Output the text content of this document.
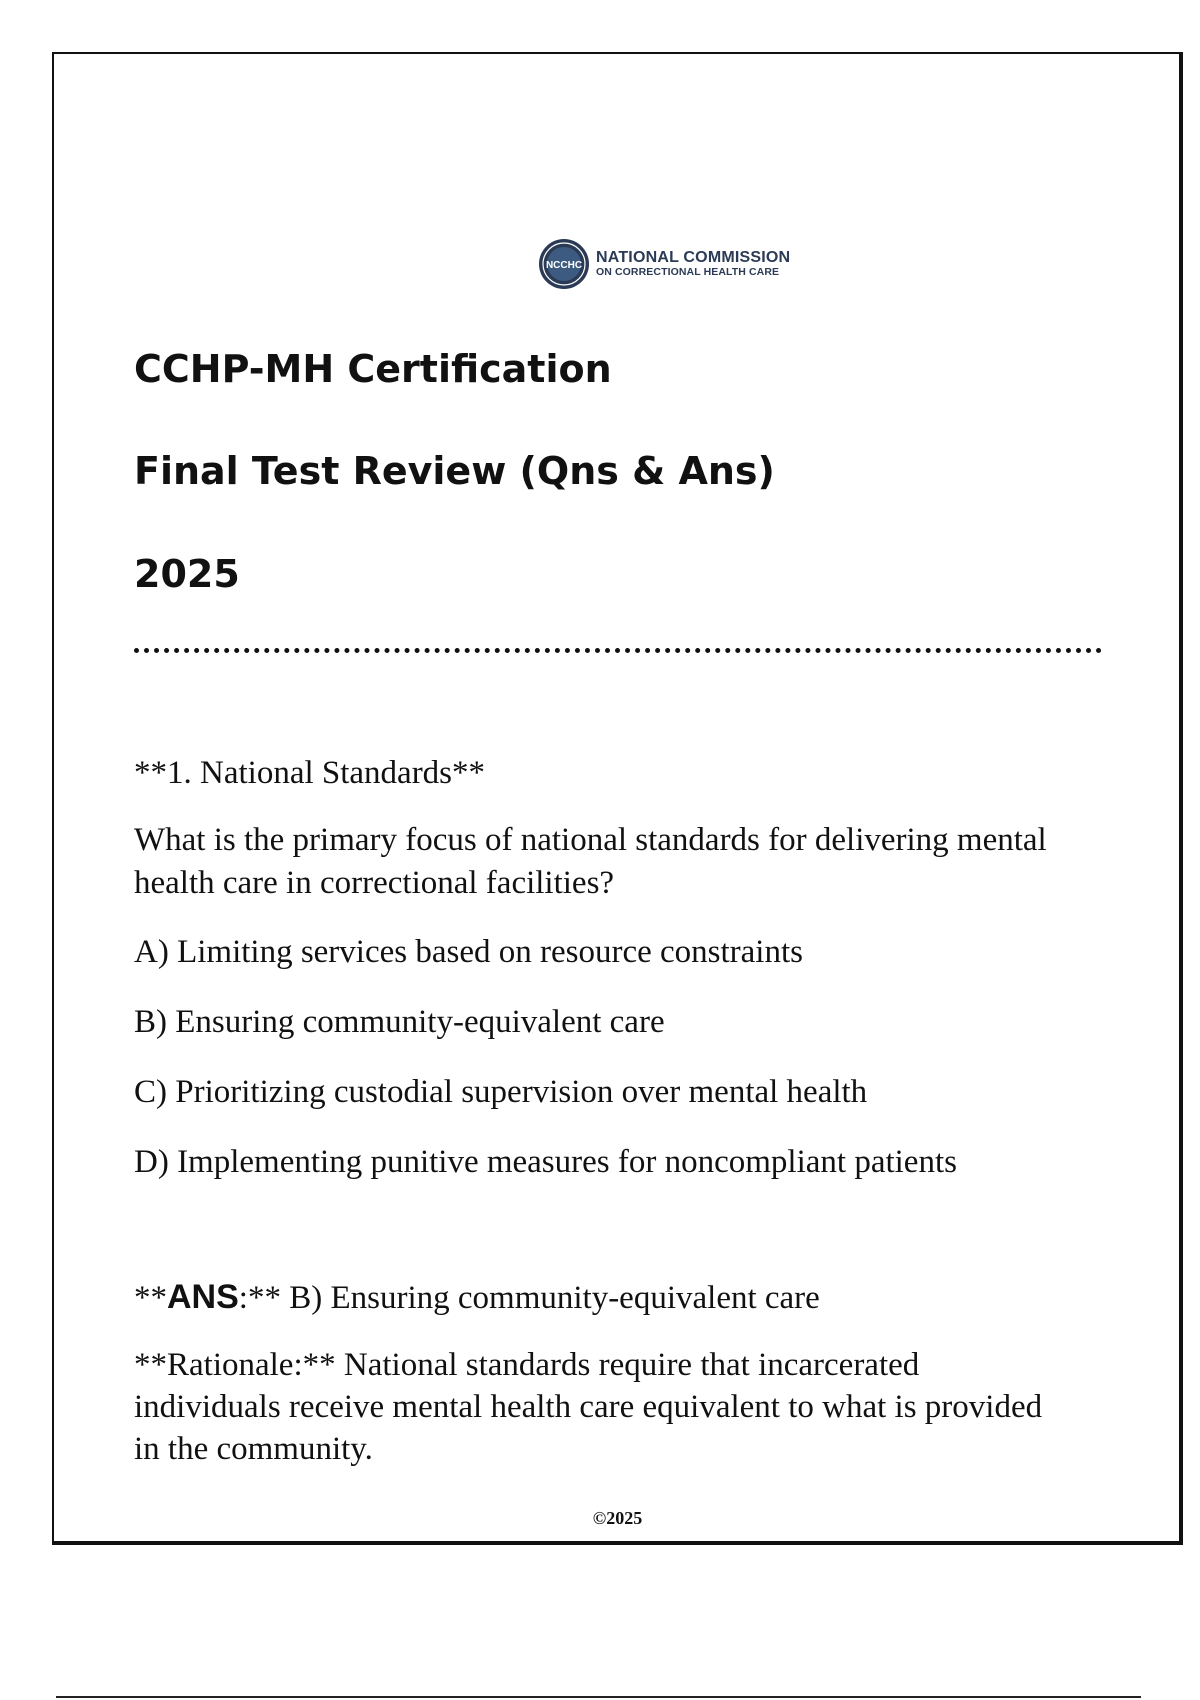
NCCHC NATIONAL COMMISSION
ON CORRECTIONAL HEALTH CARE
CCHP-MH Certification
Final Test Review (Qns & Ans)
2025

**1. National Standards**

What is the primary focus of national standards for delivering mental health care in correctional facilities?

A) Limiting services based on resource constraints

B) Ensuring community-equivalent care

C) Prioritizing custodial supervision over mental health

D) Implementing punitive measures for noncompliant patients

**ANS:** B) Ensuring community-equivalent care

**Rationale:** National standards require that incarcerated individuals receive mental health care equivalent to what is provided in the community.

©2025
